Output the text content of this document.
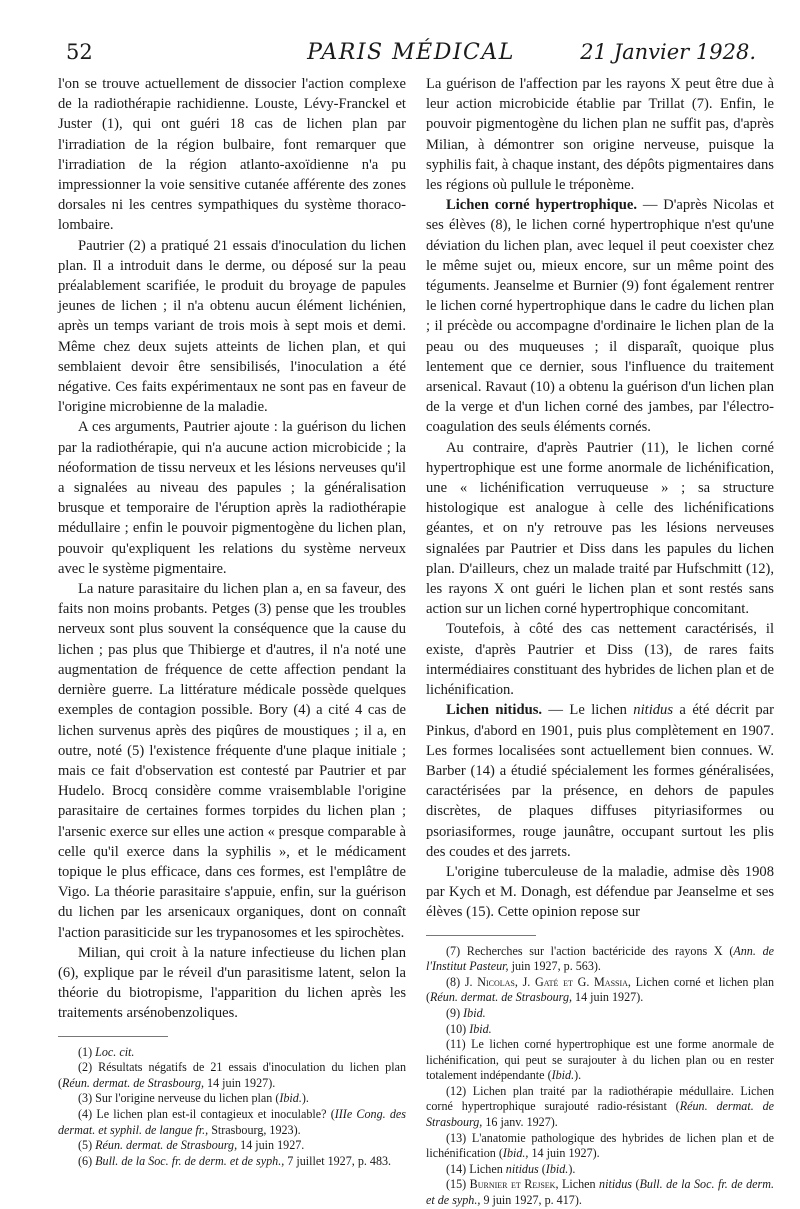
52	PARIS MÉDICAL	21 Janvier 1928.

l'on se trouve actuellement de dissocier l'action complexe de la radiothérapie rachidienne. Louste, Lévy-Franckel et Juster (1), qui ont guéri 18 cas de lichen plan par l'irradiation de la région bulbaire, font remarquer que l'irradiation de la région atlanto-axoïdienne n'a pu impressionner la voie sensitive cutanée afférente des zones dorsales ni les centres sympathiques du système thoraco-lombaire.

Pautrier (2) a pratiqué 21 essais d'inoculation du lichen plan. Il a introduit dans le derme, ou déposé sur la peau préalablement scarifiée, le produit du broyage de papules jeunes de lichen ; il n'a obtenu aucun élément lichénien, après un temps variant de trois mois à sept mois et demi. Même chez deux sujets atteints de lichen plan, et qui semblaient devoir être sensibilisés, l'inoculation a été négative. Ces faits expérimentaux ne sont pas en faveur de l'origine microbienne de la maladie.

A ces arguments, Pautrier ajoute : la guérison du lichen par la radiothérapie, qui n'a aucune action microbicide ; la néoformation de tissu nerveux et les lésions nerveuses qu'il a signalées au niveau des papules ; la généralisation brusque et temporaire de l'éruption après la radiothérapie médullaire ; enfin le pouvoir pigmentogène du lichen plan, pouvoir qu'expliquent les relations du système nerveux avec le système pigmentaire.

La nature parasitaire du lichen plan a, en sa faveur, des faits non moins probants. Petges (3) pense que les troubles nerveux sont plus souvent la conséquence que la cause du lichen ; pas plus que Thibierge et d'autres, il n'a noté une augmentation de fréquence de cette affection pendant la dernière guerre. La littérature médicale possède quelques exemples de contagion possible. Bory (4) a cité 4 cas de lichen survenus après des piqûres de moustiques ; il a, en outre, noté (5) l'existence fréquente d'une plaque initiale ; mais ce fait d'observation est contesté par Pautrier et par Hudelo. Brocq considère comme vraisemblable l'origine parasitaire de certaines formes torpides du lichen plan ; l'arsenic exerce sur elles une action « presque comparable à celle qu'il exerce dans la syphilis », et le médicament topique le plus efficace, dans ces formes, est l'emplâtre de Vigo. La théorie parasitaire s'appuie, enfin, sur la guérison du lichen par les arsenicaux organiques, dont on connaît l'action parasiticide sur les trypanosomes et les spirochètes.

Milian, qui croit à la nature infectieuse du lichen plan (6), explique par le réveil d'un parasitisme latent, selon la théorie du biotropisme, l'apparition du lichen après les traitements arsénobenzoliques.

(1) Loc. cit.

(2) Résultats négatifs de 21 essais d'inoculation du lichen plan (Réun. dermat. de Strasbourg, 14 juin 1927).

(3) Sur l'origine nerveuse du lichen plan (Ibid.).

(4) Le lichen plan est-il contagieux et inoculable? (IIIe Cong. des dermat. et syphil. de langue fr., Strasbourg, 1923).

(5) Réun. dermat. de Strasbourg, 14 juin 1927.

(6) Bull. de la Soc. fr. de derm. et de syph., 7 juillet 1927, p. 483.

La guérison de l'affection par les rayons X peut être due à leur action microbicide établie par Trillat (7). Enfin, le pouvoir pigmentogène du lichen plan ne suffit pas, d'après Milian, à démontrer son origine nerveuse, puisque la syphilis fait, à chaque instant, des dépôts pigmentaires dans les régions où pullule le tréponème.

Lichen corné hypertrophique. — D'après Nicolas et ses élèves (8), le lichen corné hypertrophique n'est qu'une déviation du lichen plan, avec lequel il peut coexister chez le même sujet ou, mieux encore, sur un même point des téguments. Jeanselme et Burnier (9) font également rentrer le lichen corné hypertrophique dans le cadre du lichen plan ; il précède ou accompagne d'ordinaire le lichen plan de la peau ou des muqueuses ; il disparaît, quoique plus lentement que ce dernier, sous l'influence du traitement arsenical. Ravaut (10) a obtenu la guérison d'un lichen plan de la verge et d'un lichen corné des jambes, par l'électro-coagulation des seuls éléments cornés.

Au contraire, d'après Pautrier (11), le lichen corné hypertrophique est une forme anormale de lichénification, une « lichénification verruqueuse » ; sa structure histologique est analogue à celle des lichénifications géantes, et on n'y retrouve pas les lésions nerveuses signalées par Pautrier et Diss dans les papules du lichen plan. D'ailleurs, chez un malade traité par Hufschmitt (12), les rayons X ont guéri le lichen plan et sont restés sans action sur un lichen corné hypertrophique concomitant.

Toutefois, à côté des cas nettement caractérisés, il existe, d'après Pautrier et Diss (13), de rares faits intermédiaires constituant des hybrides de lichen plan et de lichénification.

Lichen nitidus. — Le lichen nitidus a été décrit par Pinkus, d'abord en 1901, puis plus complètement en 1907. Les formes localisées sont actuellement bien connues. W. Barber (14) a étudié spécialement les formes généralisées, caractérisées par la présence, en dehors de papules discrètes, de plaques diffuses pityriasiformes ou psoriasiformes, rouge jaunâtre, occupant surtout les plis des coudes et des jarrets.

L'origine tuberculeuse de la maladie, admise dès 1908 par Kych et M. Donagh, est défendue par Jeanselme et ses élèves (15). Cette opinion repose sur

(7) Recherches sur l'action bactéricide des rayons X (Ann. de l'Institut Pasteur, juin 1927, p. 563).

(8) J. Nicolas, J. Gaté et G. Massia, Lichen corné et lichen plan (Réun. dermat. de Strasbourg, 14 juin 1927).

(9) Ibid.

(10) Ibid.

(11) Le lichen corné hypertrophique est une forme anormale de lichénification, qui peut se surajouter à du lichen plan ou en rester totalement indépendante (Ibid.).

(12) Lichen plan traité par la radiothérapie médullaire. Lichen corné hypertrophique surajouté radio-résistant (Réun. dermat. de Strasbourg, 16 janv. 1927).

(13) L'anatomie pathologique des hybrides de lichen plan et de lichénification (Ibid., 14 juin 1927).

(14) Lichen nitidus (Ibid.).

(15) Burnier et Rejsek, Lichen nitidus (Bull. de la Soc. fr. de derm. et de syph., 9 juin 1927, p. 417).
